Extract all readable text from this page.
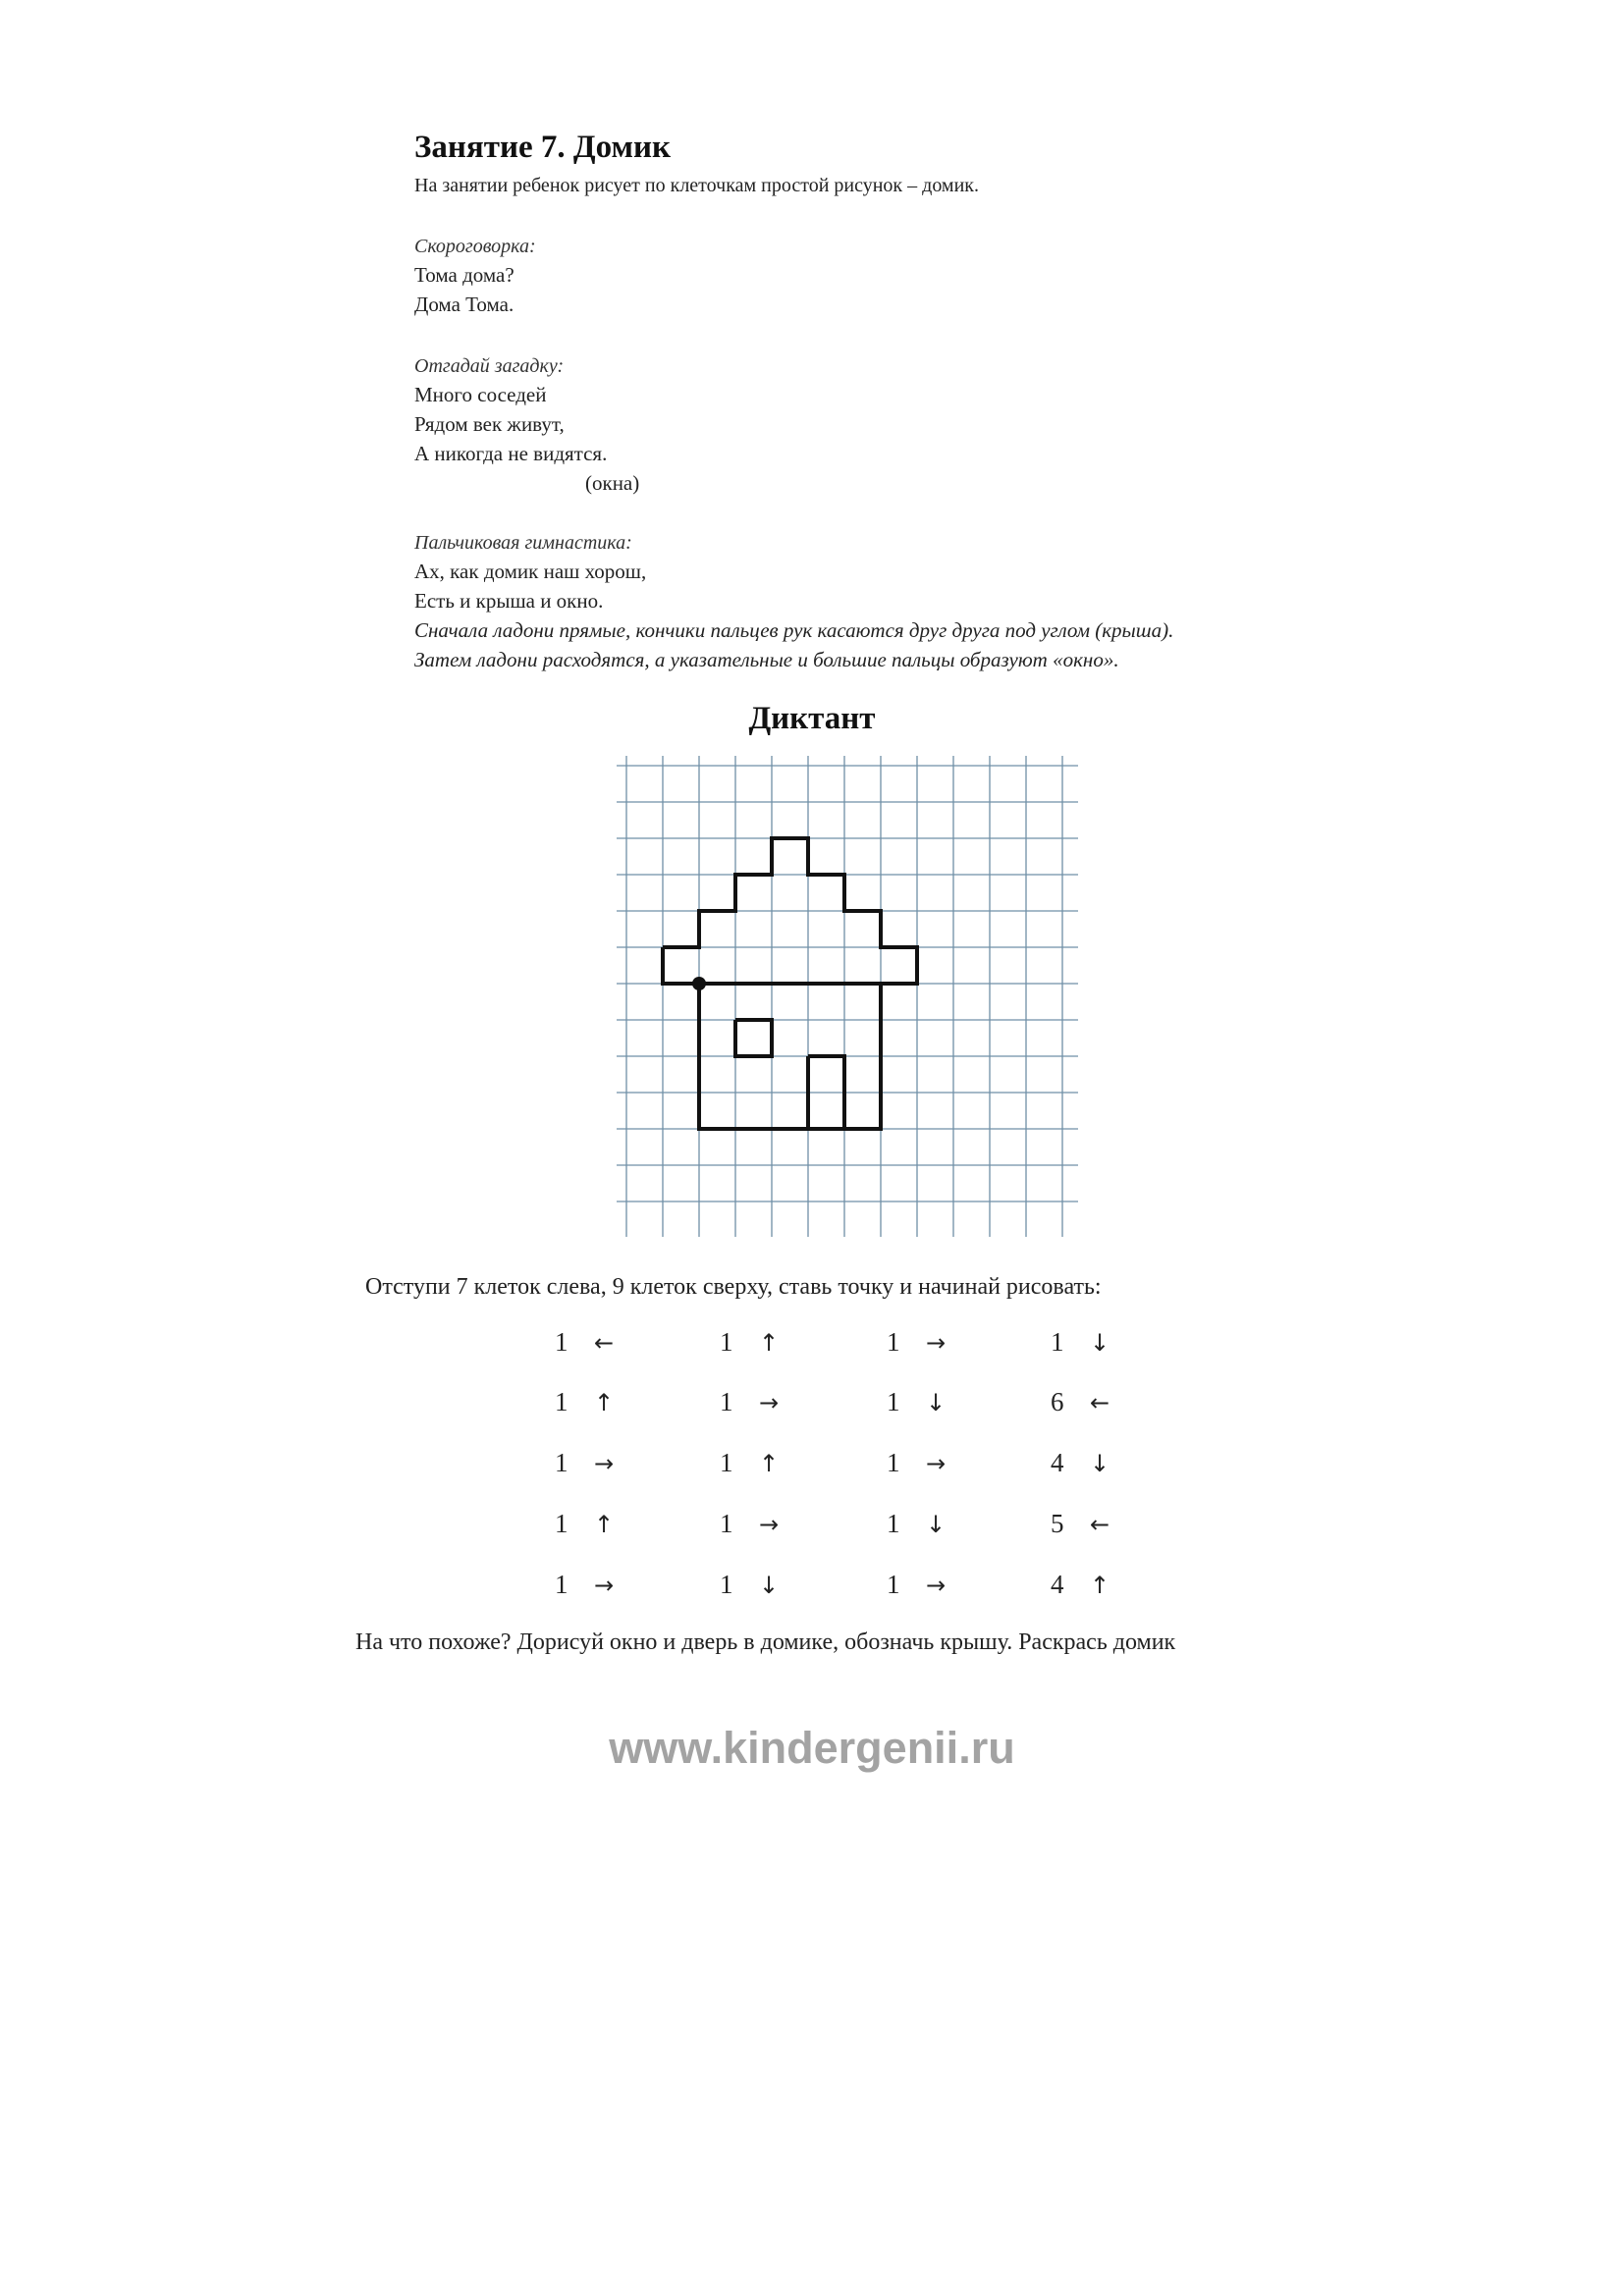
Занятие 7. Домик
На занятии ребенок рисует по клеточкам простой рисунок – домик.
Скороговорка:
Тома дома?
Дома Тома.
Отгадай загадку:
Много соседей
Рядом век живут,
А никогда не видятся.
(окна)
Пальчиковая гимнастика:
Ах, как домик наш хорош,
Есть и крыша и окно.
Сначала ладони прямые, кончики пальцев рук касаются друг друга под углом (крыша).
Затем ладони расходятся, а указательные и большие пальцы образуют «окно».
Диктант
Отступи 7 клеток слева, 9 клеток сверху, ставь точку и начинай рисовать:
1 ←	1 ↑	1 →	1 ↓
1 ↑	1 →	1 ↓	6 ←
1 →	1 ↑	1 →	4 ↓
1 ↑	1 →	1 ↓	5 ←
1 →	1 ↓	1 →	4 ↑
На что похоже? Дорисуй окно и дверь в домике, обозначь крышу. Раскрась домик
www.kindergenii.ru
